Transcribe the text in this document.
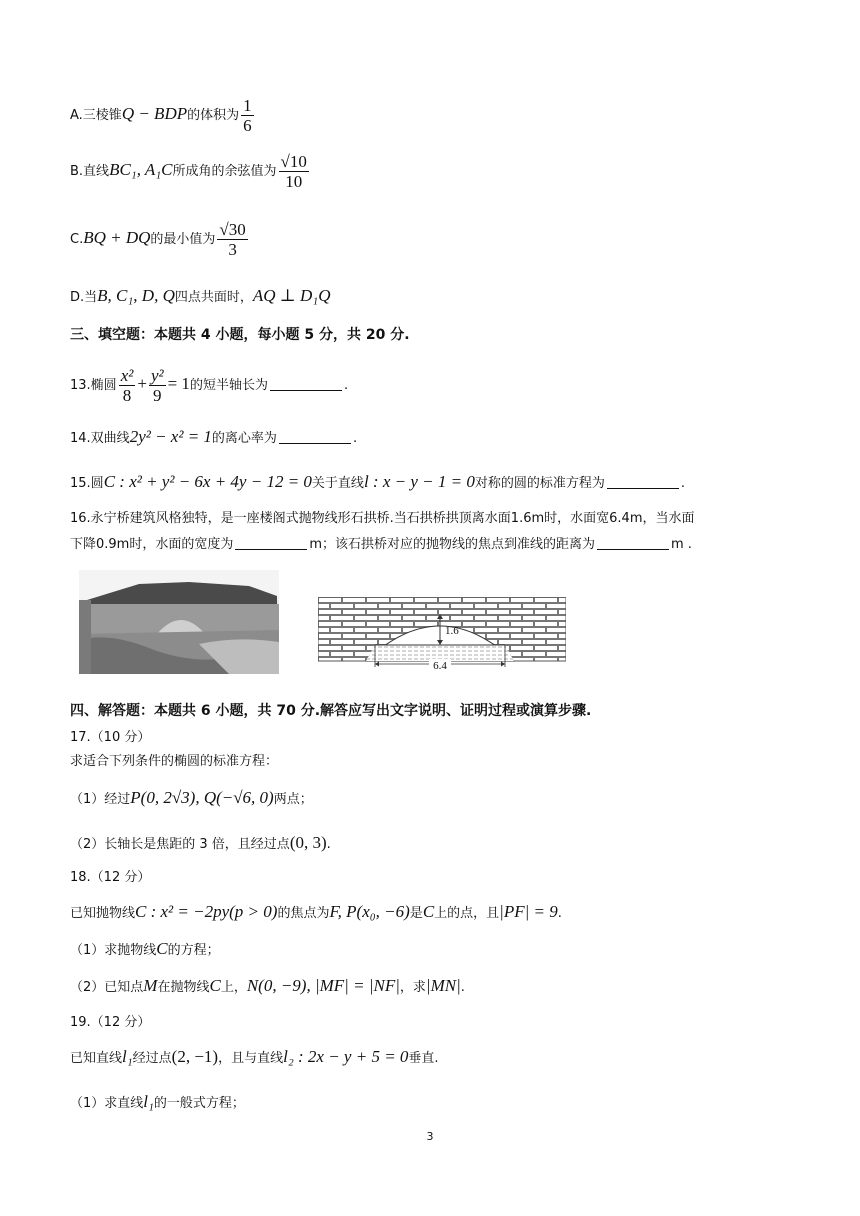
A.三棱锥Q − BDP的体积为 $\frac{1}{6}$
B.直线BC₁, A₁C所成角的余弦值为 $\frac{√10}{10}$
C.BQ + DQ的最小值为 $\frac{√30}{3}$
D.当B, C₁, D, Q四点共面时，AQ ⊥ D₁Q
三、填空题：本题共 4 小题，每小题 5 分，共 20 分.
13.椭圆 $\frac{\text{x²}}{8} + \frac{\text{y²}}{9} = 1$的短半轴长为	.
14.双曲线2y² − x² = 1的离心率为	.
15.圆C : x² + y² − 6x + 4y − 12 = 0关于直线l : x − y − 1 = 0对称的圆的标准方程为	.
16.永宁桥建筑风格独特，是一座楼阁式抛物线形石拱桥.当石拱桥拱顶离水面1.6m时，水面宽6.4m，当水面
下降0.9m时，水面的宽度为	m；该石拱桥对应的抛物线的焦点到准线的距离为	m .
1.6
6.4
四、解答题：本题共 6 小题，共 70 分.解答应写出文字说明、证明过程或演算步骤.
17.（10 分）
求适合下列条件的椭圆的标准方程：
（1）经过P(0, 2√3), Q(−√6, 0)两点；
（2）长轴长是焦距的 3 倍，且经过点(0, 3).
18.（12 分）
已知抛物线C : x² = −2py(p > 0)的焦点为F, P(x₀, −6)是C上的点，且|PF| = 9.
（1）求抛物线C的方程；
（2）已知点M在抛物线C上，N(0, −9), |MF| = |NF|，求|MN|.
19.（12 分）
已知直线l₁经过点(2, −1)，且与直线l₂ : 2x − y + 5 = 0垂直.
（1）求直线l₁的一般式方程；
3
